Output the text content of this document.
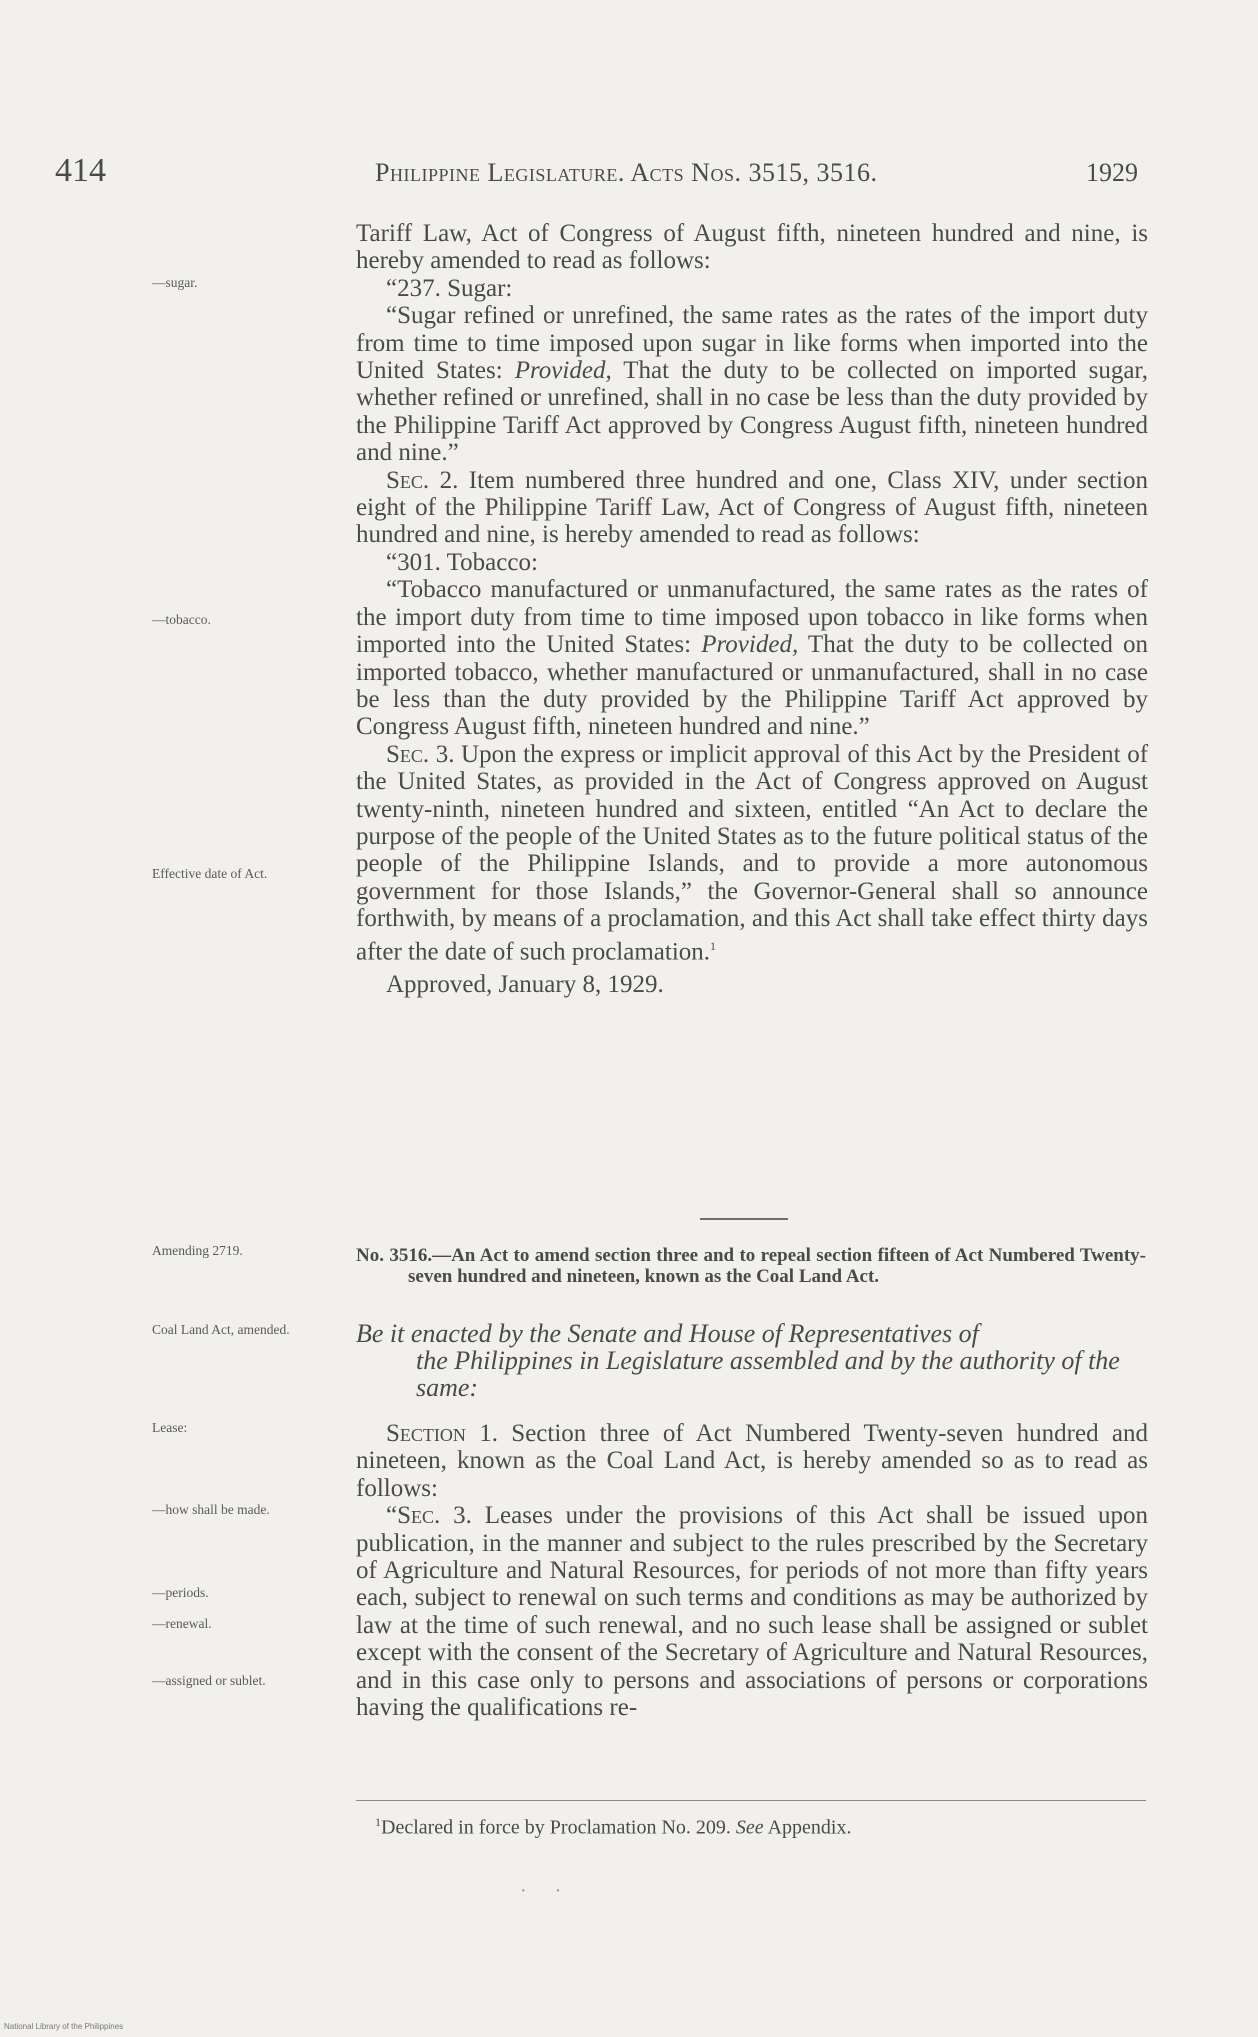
414	Philippine Legislature. Acts Nos. 3515, 3516.	1929
—sugar.
—tobacco.
Effective date of Act.
Amending 2719.
Coal Land Act, amended.
Lease:
—how shall be made.
—periods.
—renewal.
—assigned or sublet.

Tariff Law, Act of Congress of August fifth, nineteen hundred and nine, is hereby amended to read as follows:

“237. Sugar:

“Sugar refined or unrefined, the same rates as the rates of the import duty from time to time imposed upon sugar in like forms when imported into the United States: Provided, That the duty to be collected on imported sugar, whether refined or unrefined, shall in no case be less than the duty provided by the Philippine Tariff Act approved by Congress August fifth, nineteen hundred and nine.”

Sec. 2. Item numbered three hundred and one, Class XIV, under section eight of the Philippine Tariff Law, Act of Congress of August fifth, nineteen hundred and nine, is hereby amended to read as follows:

“301. Tobacco:

“Tobacco manufactured or unmanufactured, the same rates as the rates of the import duty from time to time imposed upon tobacco in like forms when imported into the United States: Provided, That the duty to be collected on imported tobacco, whether manufactured or unmanufactured, shall in no case be less than the duty provided by the Philippine Tariff Act approved by Congress August fifth, nineteen hundred and nine.”

Sec. 3. Upon the express or implicit approval of this Act by the President of the United States, as provided in the Act of Congress approved on August twenty-ninth, nineteen hundred and sixteen, entitled “An Act to declare the purpose of the people of the United States as to the future political status of the people of the Philippine Islands, and to provide a more autonomous government for those Islands,” the Governor-General shall so announce forthwith, by means of a proclamation, and this Act shall take effect thirty days after the date of such proclamation.$^1$

Approved, January 8, 1929.

No. 3516.—An Act to amend section three and to repeal section fifteen of Act Numbered Twenty-seven hundred and nineteen, known as the Coal Land Act.
Be it enacted by the Senate and House of Representatives of
the Philippines in Legislature assembled and by the authority of the same:

Section 1. Section three of Act Numbered Twenty-seven hundred and nineteen, known as the Coal Land Act, is hereby amended so as to read as follows:

“Sec. 3. Leases under the provisions of this Act shall be issued upon publication, in the manner and subject to the rules prescribed by the Secretary of Agriculture and Natural Resources, for periods of not more than fifty years each, subject to renewal on such terms and conditions as may be authorized by law at the time of such renewal, and no such lease shall be assigned or sublet except with the consent of the Secretary of Agriculture and Natural Resources, and in this case only to persons and associations of persons or corporations having the qualifications re-

$^1$Declared in force by Proclamation No. 209. See Appendix.
··
National Library of the Philippines
